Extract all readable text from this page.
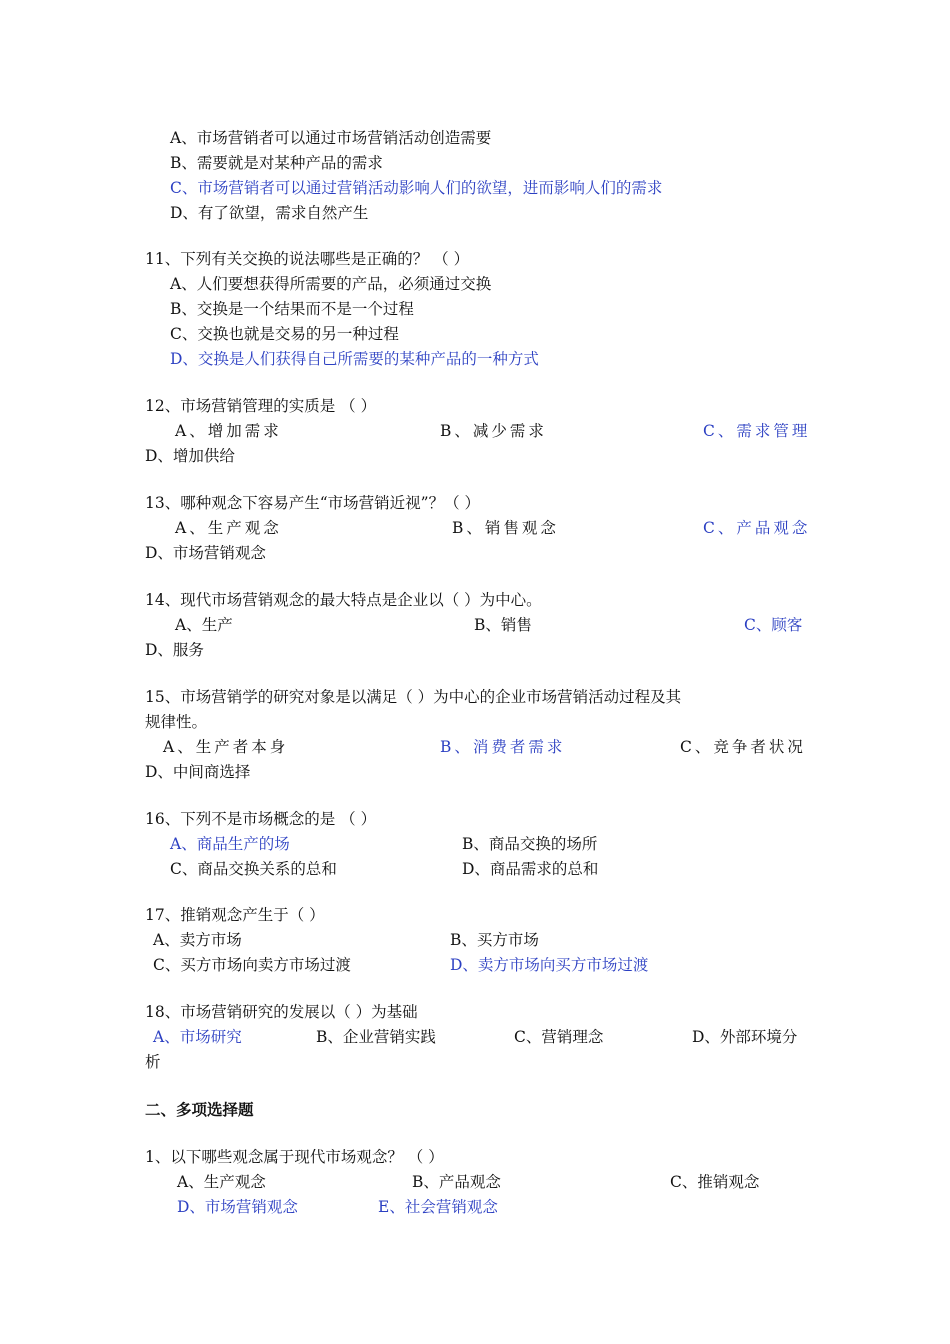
A、市场营销者可以通过市场营销活动创造需要
B、需要就是对某种产品的需求
C、市场营销者可以通过营销活动影响人们的欲望，进而影响人们的需求
D、有了欲望，需求自然产生
11、下列有关交换的说法哪些是正确的？ （ ）
A、人们要想获得所需要的产品，必须通过交换
B、交换是一个结果而不是一个过程
C、交换也就是交易的另一种过程
D、交换是人们获得自己所需要的某种产品的一种方式
12、市场营销管理的实质是 （ ）
A、增加需求	B、减少需求	C、需求管理
D、增加供给
13、哪种观念下容易产生“市场营销近视”？（ ）
A、生产观念	B、销售观念	C、产品观念
D、市场营销观念
14、现代市场营销观念的最大特点是企业以（ ）为中心。
A、生产	B、销售	C、顾客
D、服务
15、市场营销学的研究对象是以满足（ ）为中心的企业市场营销活动过程及其
规律性。
A、生产者本身	B、消费者需求	C、竞争者状况
D、中间商选择
16、下列不是市场概念的是 （ ）
A、商品生产的场	B、商品交换的场所
C、商品交换关系的总和	D、商品需求的总和
17、推销观念产生于（ ）
A、卖方市场	B、买方市场
C、买方市场向卖方市场过渡	D、卖方市场向买方市场过渡
18、市场营销研究的发展以（ ）为基础
A、市场研究	B、企业营销实践	C、营销理念	D、外部环境分
析
二、多项选择题
1、以下哪些观念属于现代市场观念？ （ ）
A、生产观念	B、产品观念	C、推销观念
D、市场营销观念	E、社会营销观念
